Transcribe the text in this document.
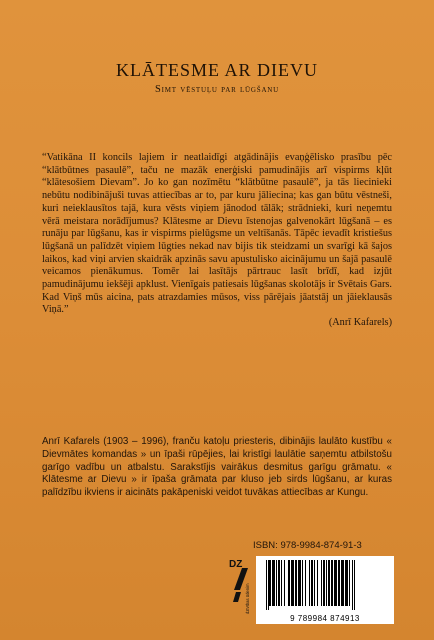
KLĀTESME AR DIEVU
Simt vēstuļu par lūgšanu

“Vatikāna II koncils lajiem ir neatlaidīgi atgādinājis evaņģēlisko prasību pēc “klātbūtnes pasaulē”, taču ne mazāk enerģiski pamudinājis arī vispirms kļūt “klātesošiem Dievam”. Jo ko gan nozīmētu “klātbūtne pasaulē”, ja tās liecinieki nebūtu nodibinājuši tuvas attiecības ar to, par kuru jāliecina; kas gan būtu vēstneši, kuri neieklausītos tajā, kura vēsts viņiem jānodod tālāk; strādnieki, kuri neņemtu vērā meistara norādījumus? Klātesme ar Dievu īstenojas galvenokārt lūgšanā – es runāju par lūgšanu, kas ir vispirms pielūgsme un veltīšanās. Tāpēc ievadīt kristiešus lūgšanā un palīdzēt viņiem lūgties nekad nav bijis tik steidzami un svarīgi kā šajos laikos, kad viņi arvien skaidrāk apzinās savu apustulisko aicinājumu un šajā pasaulē veicamos pienākumus. Tomēr lai lasītājs pārtrauc lasīt brīdī, kad izjūt pamudinājumu iekšēji apklust. Vienīgais patiesais lūgšanas skolotājs ir Svētais Gars. Kad Viņš mūs aicina, pats atrazdamies mūsos, viss pārējais jāatstāj un jāieklausās Viņā.”

(Anrī Kafarels)

Anrī Kafarels (1903 – 1996), franču katoļu priesteris, dibinājis laulāto kustību « Dievmātes komandas » un īpaši rūpējies, lai kristīgi laulātie saņemtu atbilstošu garīgo vadību un atbalstu. Sarakstījis vairākus desmitus garīgu grāmatu. « Klātesme ar Dievu » ir īpaša grāmata par kluso jeb sirds lūgšanu, ar kuras palīdzību ikviens ir aicināts pakāpeniski veidot tuvākas attiecības ar Kungu.

ISBN: 978-9984-874-91-3
DZ
dzīvības ūdenim
9 789984 874913
